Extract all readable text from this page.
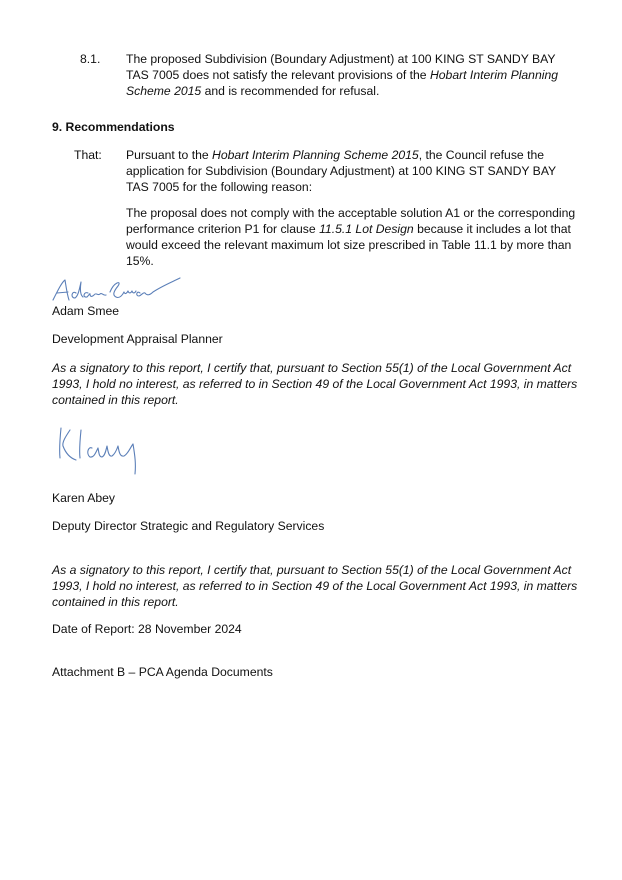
8.1. The proposed Subdivision (Boundary Adjustment) at 100 KING ST SANDY BAY TAS 7005 does not satisfy the relevant provisions of the Hobart Interim Planning Scheme 2015 and is recommended for refusal.

9. Recommendations

That: Pursuant to the Hobart Interim Planning Scheme 2015, the Council refuse the application for Subdivision (Boundary Adjustment) at 100 KING ST SANDY BAY TAS 7005 for the following reason:

The proposal does not comply with the acceptable solution A1 or the corresponding performance criterion P1 for clause 11.5.1 Lot Design because it includes a lot that would exceed the relevant maximum lot size prescribed in Table 11.1 by more than 15%.

Adam Smee

Development Appraisal Planner

As a signatory to this report, I certify that, pursuant to Section 55(1) of the Local Government Act 1993, I hold no interest, as referred to in Section 49 of the Local Government Act 1993, in matters contained in this report.

Karen Abey

Deputy Director Strategic and Regulatory Services

As a signatory to this report, I certify that, pursuant to Section 55(1) of the Local Government Act 1993, I hold no interest, as referred to in Section 49 of the Local Government Act 1993, in matters contained in this report.

Date of Report: 28 November 2024

Attachment B – PCA Agenda Documents
